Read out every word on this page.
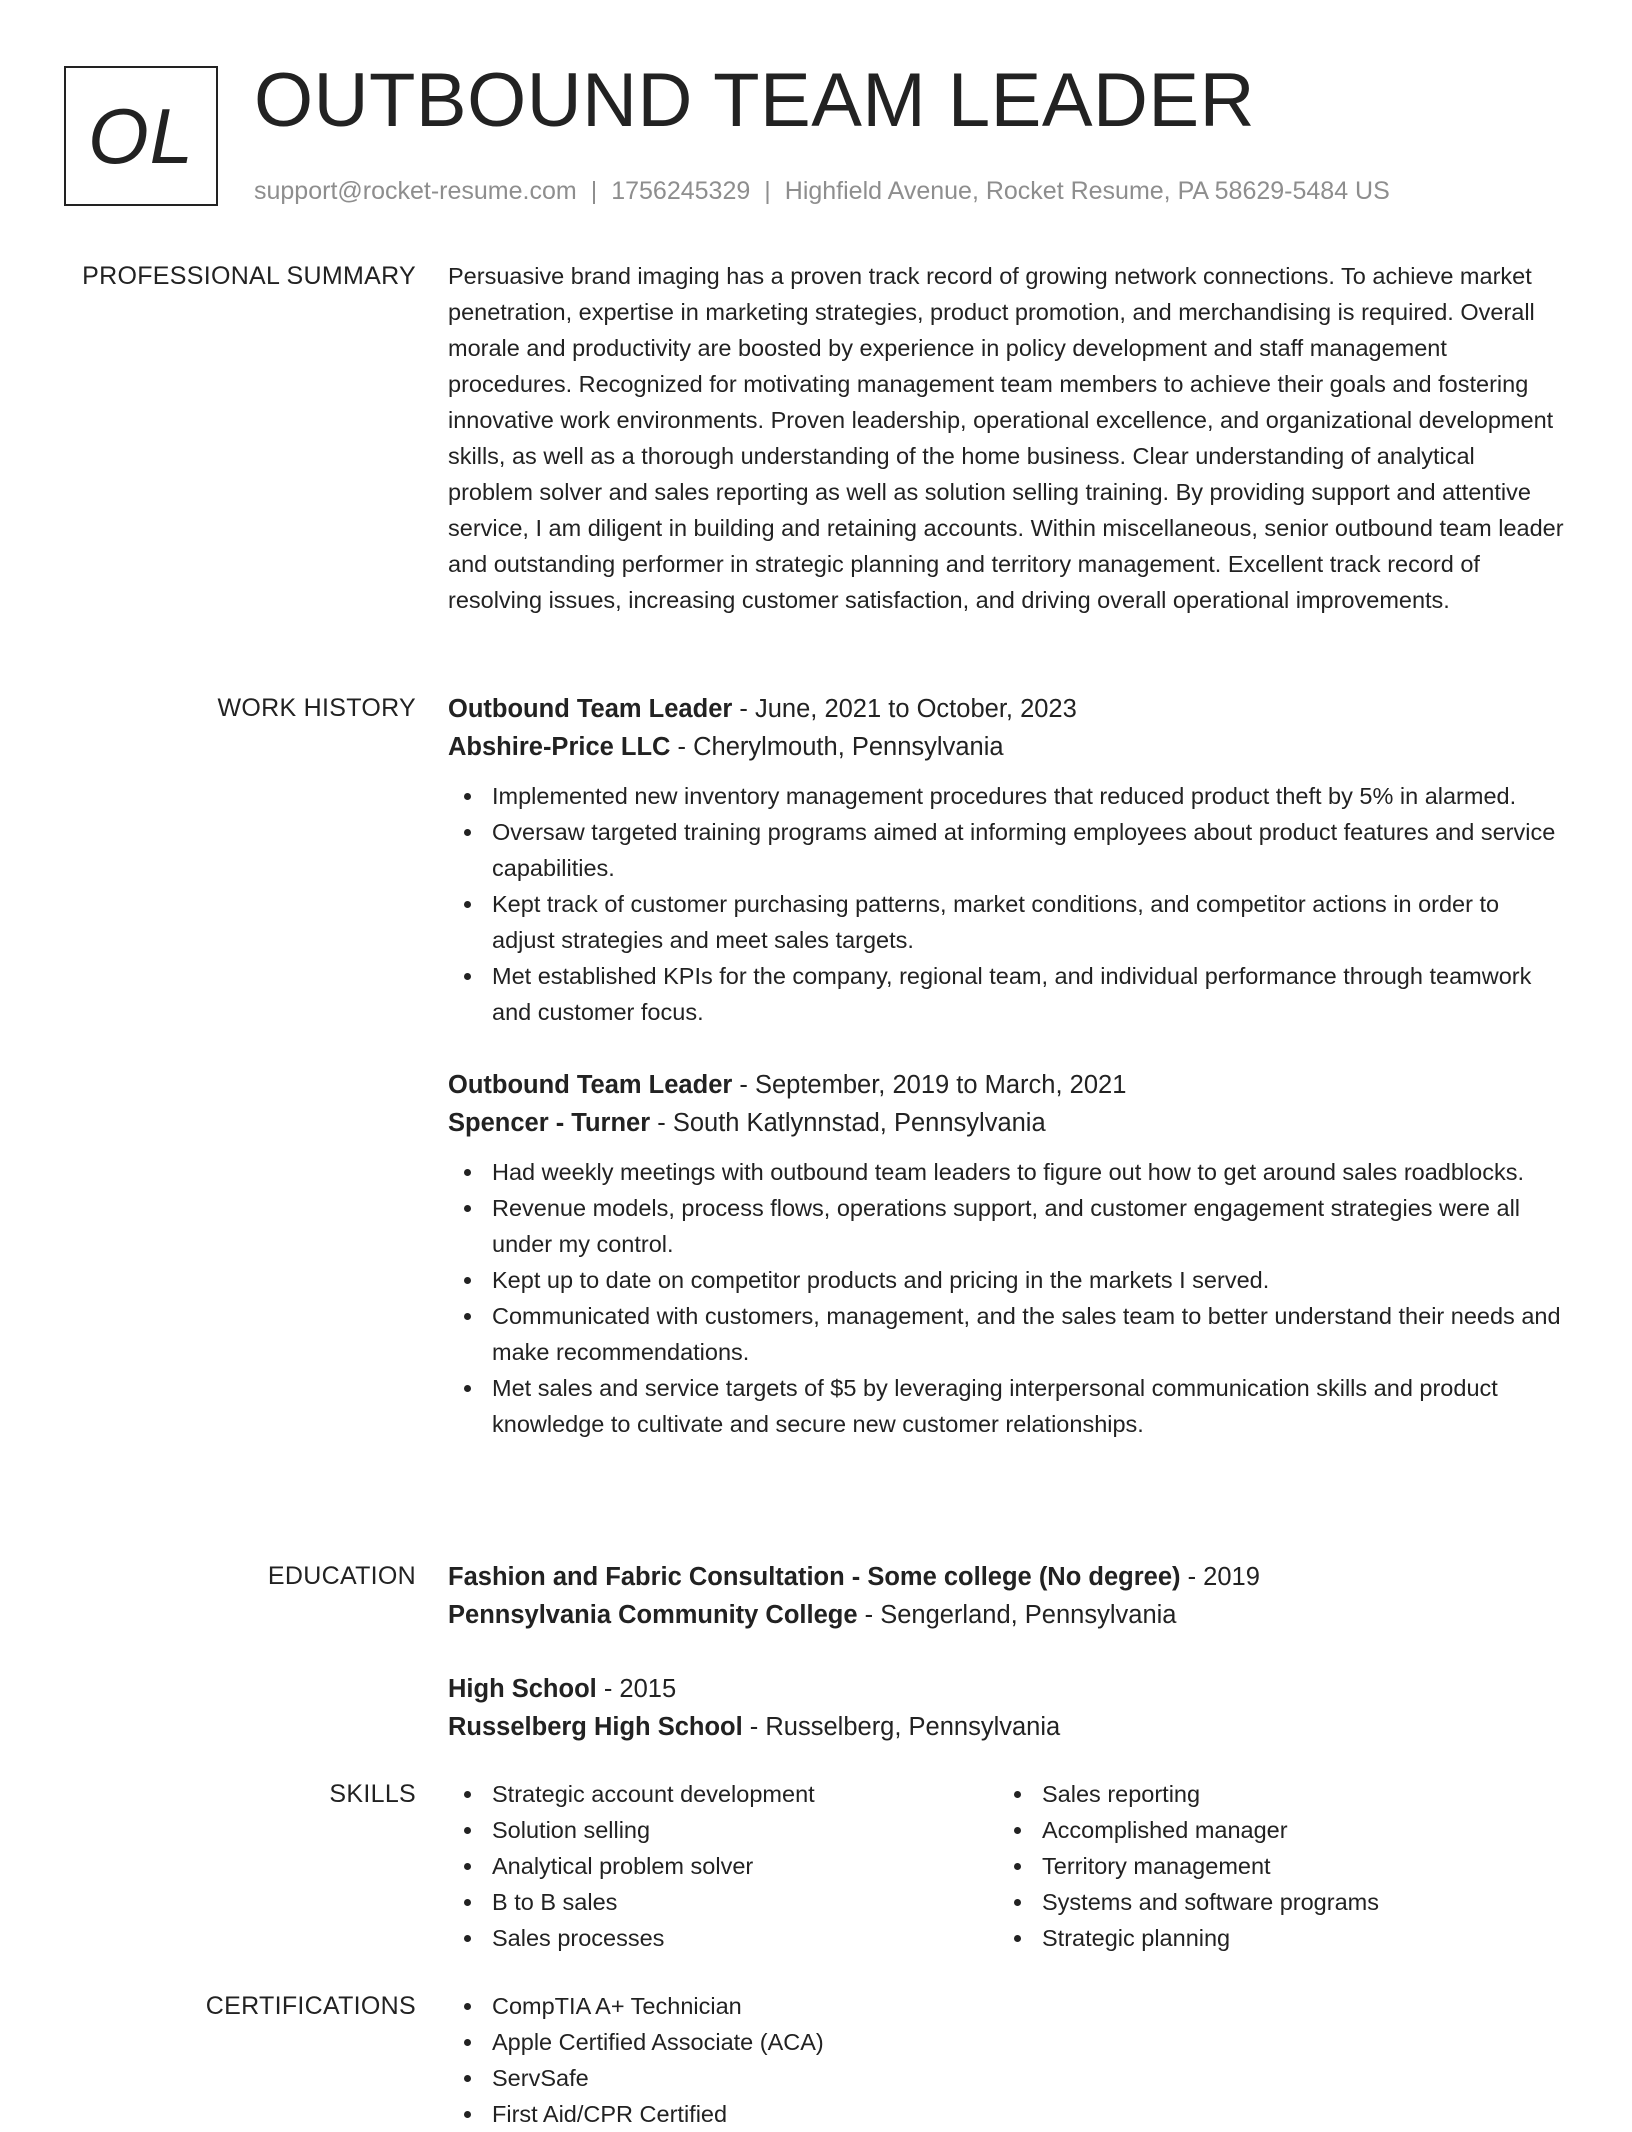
OL OUTBOUND TEAM LEADER
support@rocket-resume.com | 1756245329 | Highfield Avenue, Rocket Resume, PA 58629-5484 US
PROFESSIONAL SUMMARY Persuasive brand imaging has a proven track record of growing network connections. To achieve market penetration, expertise in marketing strategies, product promotion, and merchandising is required. Overall morale and productivity are boosted by experience in policy development and staff management procedures. Recognized for motivating management team members to achieve their goals and fostering innovative work environments. Proven leadership, operational excellence, and organizational development skills, as well as a thorough understanding of the home business. Clear understanding of analytical problem solver and sales reporting as well as solution selling training. By providing support and attentive service, I am diligent in building and retaining accounts. Within miscellaneous, senior outbound team leader and outstanding performer in strategic planning and territory management. Excellent track record of resolving issues, increasing customer satisfaction, and driving overall operational improvements.

WORK HISTORY Outbound Team Leader - June, 2021 to October, 2023
Abshire-Price LLC - Cherylmouth, Pennsylvania
Implemented new inventory management procedures that reduced product theft by 5% in alarmed.
Oversaw targeted training programs aimed at informing employees about product features and service capabilities.
Kept track of customer purchasing patterns, market conditions, and competitor actions in order to adjust strategies and meet sales targets.
Met established KPIs for the company, regional team, and individual performance through teamwork and customer focus.
Outbound Team Leader - September, 2019 to March, 2021
Spencer - Turner - South Katlynnstad, Pennsylvania
Had weekly meetings with outbound team leaders to figure out how to get around sales roadblocks.
Revenue models, process flows, operations support, and customer engagement strategies were all under my control.
Kept up to date on competitor products and pricing in the markets I served.
Communicated with customers, management, and the sales team to better understand their needs and make recommendations.
Met sales and service targets of $5 by leveraging interpersonal communication skills and product knowledge to cultivate and secure new customer relationships.
EDUCATION Fashion and Fabric Consultation - Some college (No degree) - 2019
Pennsylvania Community College - Sengerland, Pennsylvania
High School - 2015
Russelberg High School - Russelberg, Pennsylvania
SKILLS	Strategic account development
Solution selling
Analytical problem solver
B to B sales
Sales processes
Sales reporting
Accomplished manager
Territory management
Systems and software programs
Strategic planning
CERTIFICATIONS	CompTIA A+ Technician
Apple Certified Associate (ACA)
ServSafe
First Aid/CPR Certified
